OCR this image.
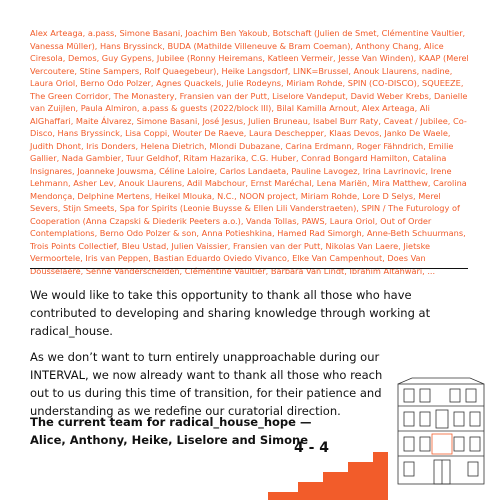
Alex Arteaga, a.pass, Simone Basani, Joachim Ben Yakoub, Botschaft (Julien de Smet, Clémentine Vaultier, Vanessa Müller), Hans Bryssinck, BUDA (Mathilde Villeneuve & Bram Coeman), Anthony Chang, Alice Ciresola, Demos, Guy Gypens, Jubilee (Ronny Heiremans, Katleen Vermeir, Jesse Van Winden), KAAP (Merel Vercoutere, Stine Sampers, Rolf Quaegebeur), Heike Langsdorf, LINK=Brussel, Anouk Llaurens, nadine, Laura Oriol, Berno Odo Polzer, Agnes Quackels, Julie Rodeyns, Miriam Rohde, SPIN (CO-DISCO), SQUEEZE, The Green Corridor, The Monastery, Fransien van der Putt, Liselore Vandeput, David Weber Krebs, Danielle van Zuijlen, Paula Almiron, a.pass & guests (2022/block III), Bilal Kamilla Arnout, Alex Arteaga, Ali AlGhaffari, Maite Álvarez, Simone Basani, José Jesus, Julien Bruneau, Isabel Burr Raty, Caveat / Jubilee, Co-Disco, Hans Bryssinck, Lisa Coppi, Wouter De Raeve, Laura Deschepper, Klaas Devos, Janko De Waele, Judith Dhont, Iris Donders, Helena Dietrich, Mlondi Dubazane, Carina Erdmann, Roger Fähndrich, Emilie Gallier, Nada Gambier, Tuur Geldhof, Ritam Hazarika, C.G. Huber, Conrad Bongard Hamilton, Catalina Insignares, Joanneke Jouwsma, Céline Laloire, Carlos Landaeta, Pauline Lavogez, Irina Lavrinovic, Irene Lehmann, Asher Lev, Anouk Llaurens, Adil Mabchour, Ernst Maréchal, Lena Mariën, Mira Matthew, Carolina Mendonça, Delphine Mertens, Heikel Mlouka, N.C., NOON project, Miriam Rohde, Lore D Selys, Merel Severs, Stijn Smeets, Spa for Spirits (Leonie Buysse & Ellen Lili Vanderstraeten), SPIN / The Futurology of Cooperation (Anna Czapski & Diederik Peeters a.o.), Vanda Tollas, PAWS, Laura Oriol, Out of Order Contemplations, Berno Odo Polzer & son, Anna Potieshkina, Hamed Rad Simorgh, Anne-Beth Schuurmans, Trois Points Collectief, Bleu Ustad, Julien Vaissier, Fransien van der Putt, Nikolas Van Laere, Jietske Vermoortele, Iris van Peppen, Bastian Eduardo Oviedo Vivanco, Elke Van Campenhout, Does Van Dousselaere, Senne Vanderschelden, Clémentine Vaultier, Barbara Van Lindt, Ibrahim Altahwari, ...

We would like to take this opportunity to thank all those who have contributed to developing and sharing knowledge through working at radical_house.

As we don’t want to turn entirely unapproachable during our INTERVAL, we now already want to thank all those who reach out to us during this time of transition, for their patience and understanding as we redefine our curatorial direction.

The current team for radical_house_hope —
Alice, Anthony, Heike, Liselore and Simone
4 - 4
